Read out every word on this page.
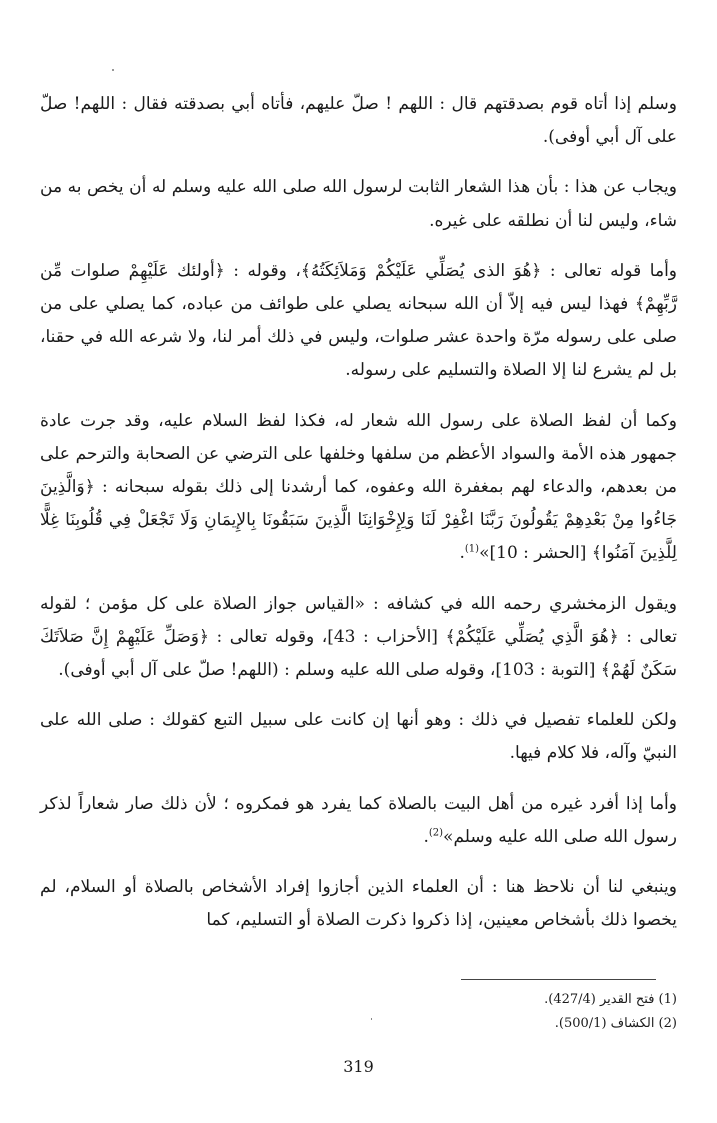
وسلم إذا أتاه قوم بصدقتهم قال : اللهم ! صلّ عليهم، فأتاه أبي بصدقته فقال : اللهم! صلّ على آل أبي أوفى).

ويجاب عن هذا : بأن هذا الشعار الثابت لرسول الله صلى الله عليه وسلم له أن يخص به من شاء، وليس لنا أن نطلقه على غيره.

وأما قوله تعالى : ﴿هُوَ الذى يُصَلِّي عَلَيْكُمْ وَمَلاَئِكَتُهُ﴾، وقوله : ﴿أولئك عَلَيْهِمْ صلوات مِّن رَّبِّهِمْ﴾ فهذا ليس فيه إلاّ أن الله سبحانه يصلي على طوائف من عباده، كما يصلي على من صلى على رسوله مرّة واحدة عشر صلوات، وليس في ذلك أمر لنا، ولا شرعه الله في حقنا، بل لم يشرع لنا إلا الصلاة والتسليم على رسوله.

وكما أن لفظ الصلاة على رسول الله شعار له، فكذا لفظ السلام عليه، وقد جرت عادة جمهور هذه الأمة والسواد الأعظم من سلفها وخلفها على الترضي عن الصحابة والترحم على من بعدهم، والدعاء لهم بمغفرة الله وعفوه، كما أرشدنا إلى ذلك بقوله سبحانه : ﴿وَالَّذِينَ جَاءُوا مِنْ بَعْدِهِمْ يَقُولُونَ رَبَّنَا اغْفِرْ لَنَا وَلِإِخْوَانِنَا الَّذِينَ سَبَقُونَا بِالإِيمَانِ وَلَا تَجْعَلْ فِي قُلُوبِنَا غِلًّا لِلَّذِينَ آمَنُوا﴾ [الحشر : 10]»$^{(1)}$.

ويقول الزمخشري رحمه الله في كشافه : «القياس جواز الصلاة على كل مؤمن ؛ لقوله تعالى : ﴿هُوَ الَّذِي يُصَلِّي عَلَيْكُمْ﴾ [الأحزاب : 43]، وقوله تعالى : ﴿وَصَلِّ عَلَيْهِمْ إِنَّ صَلاَتَكَ سَكَنٌ لَهُمْ﴾ [التوبة : 103]، وقوله صلى الله عليه وسلم : (اللهم! صلّ على آل أبي أوفى).

ولكن للعلماء تفصيل في ذلك : وهو أنها إن كانت على سبيل التبع كقولك : صلى الله على النبيّ وآله، فلا كلام فيها.

وأما إذا أفرد غيره من أهل البيت بالصلاة كما يفرد هو فمكروه ؛ لأن ذلك صار شعاراً لذكر رسول الله صلى الله عليه وسلم»$^{(2)}$.

وينبغي لنا أن نلاحظ هنا : أن العلماء الذين أجازوا إفراد الأشخاص بالصلاة أو السلام، لم يخصوا ذلك بأشخاص معينين، إذا ذكروا ذكرت الصلاة أو التسليم، كما

(1) فتح القدير (427/4).
(2) الكشاف (500/1).
319
